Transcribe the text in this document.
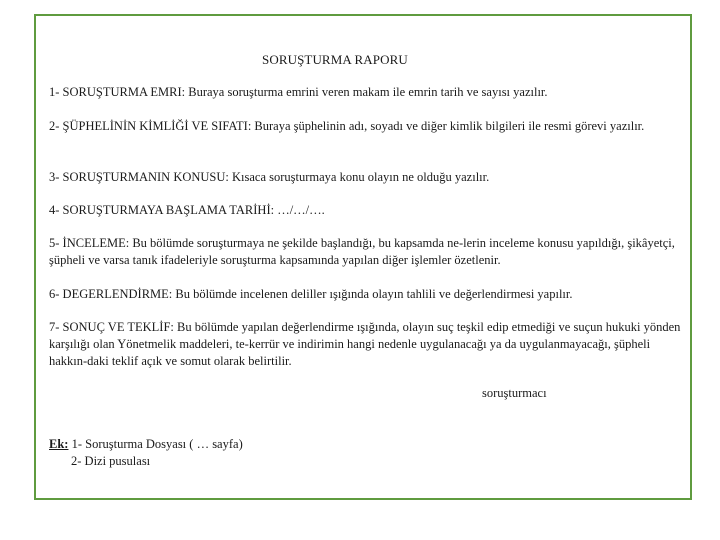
SORUŞTURMA RAPORU

1- SORUŞTURMA EMRI: Buraya soruşturma emrini veren makam ile emrin tarih ve sayısı yazılır.

2- ŞÜPHELİNİN KİMLİĞİ VE SIFATI: Buraya şüphelinin adı, soyadı ve diğer kimlik bilgileri ile resmi görevi yazılır.

3- SORUŞTURMANIN KONUSU: Kısaca soruşturmaya konu olayın ne olduğu yazılır.

4- SORUŞTURMAYA BAŞLAMA TARİHİ: …/…/….

5- İNCELEME: Bu bölümde soruşturmaya ne şekilde başlandığı, bu kapsamda ne-lerin inceleme konusu yapıldığı, şikâyetçi, şüpheli ve varsa tanık ifadeleriyle soruşturma kapsamında yapılan diğer işlemler özetlenir.

6- DEGERLENDİRME: Bu bölümde incelenen deliller ışığında olayın tahlili ve değerlendirmesi yapılır.

7- SONUÇ VE TEKLİF: Bu bölümde yapılan değerlendirme ışığında, olayın suç teşkil edip etmediği ve suçun hukuki yönden karşılığı olan Yönetmelik maddeleri, te-kerrür ve indirimin hangi nedenle uygulanacağı ya da uygulanmayacağı, şüpheli hakkın-daki teklif açık ve somut olarak belirtilir.

soruşturmacı
Ek: 1- Soruşturma Dosyası ( … sayfa)
2- Dizi pusulası
